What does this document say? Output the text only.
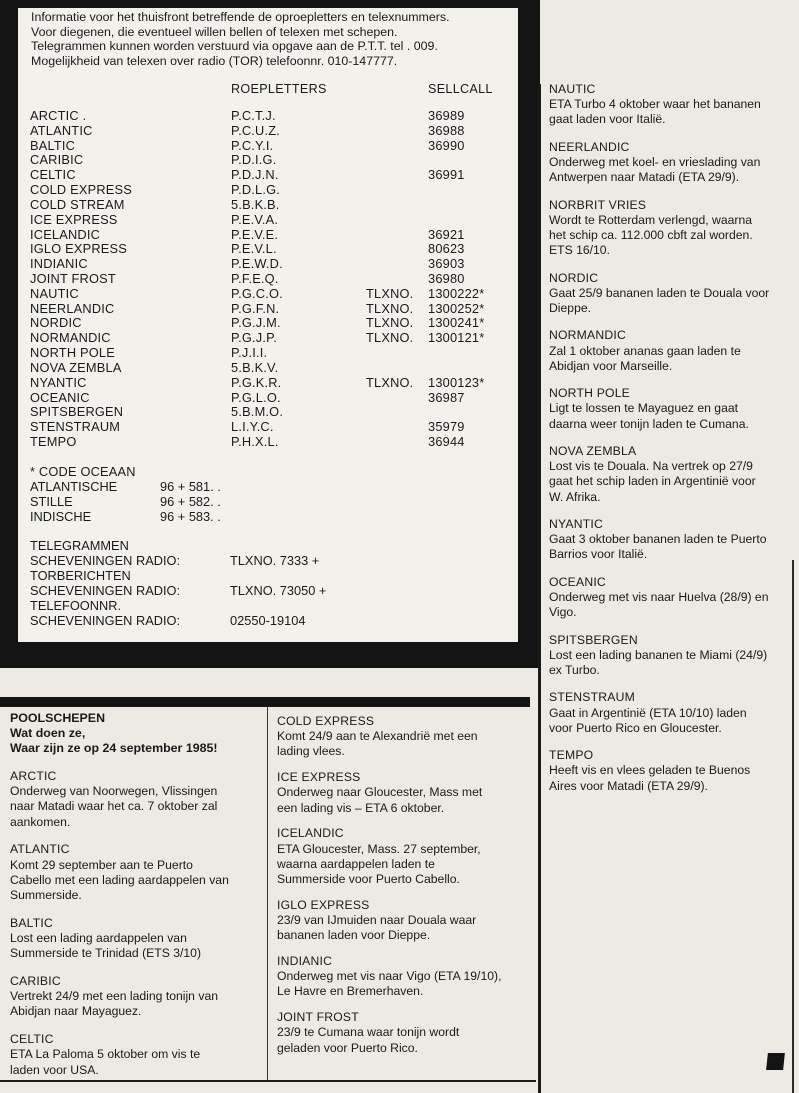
Informatie voor het thuisfront betreffende de oproepletters en telexnummers.
Voor diegenen, die eventueel willen bellen of telexen met schepen.
Telegrammen kunnen worden verstuurd via opgave aan de P.T.T. tel . 009.
Mogelijkheid van telexen over radio (TOR) telefoonnr. 010-147777.
ROEPLETTERS	SELLCALL
ARCTIC .	P.C.T.J.	36989
ATLANTIC	P.C.U.Z.	36988
BALTIC	P.C.Y.I.	36990
CARIBIC	P.D.I.G.
CELTIC	P.D.J.N.	36991
COLD EXPRESS	P.D.L.G.
COLD STREAM	5.B.K.B.
ICE EXPRESS	P.E.V.A.
ICELANDIC	P.E.V.E.	36921
IGLO EXPRESS	P.E.V.L.	80623
INDIANIC	P.E.W.D.	36903
JOINT FROST	P.F.E.Q.	36980
NAUTIC	P.G.C.O.	TLXNO. 1300222*
NEERLANDIC	P.G.F.N.	TLXNO. 1300252*
NORDIC	P.G.J.M.	TLXNO. 1300241*
NORMANDIC	P.G.J.P.	TLXNO. 1300121*
NORTH POLE	P.J.I.I.
NOVA ZEMBLA	5.B.K.V.
NYANTIC	P.G.K.R.	TLXNO. 1300123*
OCEANIC	P.G.L.O.	36987
SPITSBERGEN	5.B.M.O.
STENSTRAUM	L.I.Y.C.	35979
TEMPO	P.H.X.L.	36944
* CODE OCEAAN
ATLANTISCHE	96 + 581. .
STILLE	96 + 582. .
INDISCHE	96 + 583. .
TELEGRAMMEN
SCHEVENINGEN RADIO:	TLXNO. 7333 +
TORBERICHTEN
SCHEVENINGEN RADIO:	TLXNO. 73050 +
TELEFOONNR.
SCHEVENINGEN RADIO:	02550-19104
NAUTIC
ETA Turbo 4 oktober waar het bananen
gaat laden voor Italië.
NEERLANDIC
Onderweg met koel- en vrieslading van
Antwerpen naar Matadi (ETA 29/9).
NORBRIT VRIES
Wordt te Rotterdam verlengd, waarna
het schip ca. 112.000 cbft zal worden.
ETS 16/10.
NORDIC
Gaat 25/9 bananen laden te Douala voor
Dieppe.
NORMANDIC
Zal 1 oktober ananas gaan laden te
Abidjan voor Marseille.
NORTH POLE
Ligt te lossen te Mayaguez en gaat
daarna weer tonijn laden te Cumana.
NOVA ZEMBLA
Lost vis te Douala. Na vertrek op 27/9
gaat het schip laden in Argentinië voor
W. Afrika.
NYANTIC
Gaat 3 oktober bananen laden te Puerto
Barrios voor Italië.
OCEANIC
Onderweg met vis naar Huelva (28/9) en
Vigo.
SPITSBERGEN
Lost een lading bananen te Miami (24/9)
ex Turbo.
STENSTRAUM
Gaat in Argentinië (ETA 10/10) laden
voor Puerto Rico en Gloucester.
TEMPO
Heeft vis en vlees geladen te Buenos
Aires voor Matadi (ETA 29/9).
POOLSCHEPEN
Wat doen ze,
Waar zijn ze op 24 september 1985!
ARCTIC
Onderweg van Noorwegen, Vlissingen
naar Matadi waar het ca. 7 oktober zal
aankomen.
ATLANTIC
Komt 29 september aan te Puerto
Cabello met een lading aardappelen van
Summerside.
BALTIC
Lost een lading aardappelen van
Summerside te Trinidad (ETS 3/10)
CARIBIC
Vertrekt 24/9 met een lading tonijn van
Abidjan naar Mayaguez.
CELTIC
ETA La Paloma 5 oktober om vis te
laden voor USA.
COLD EXPRESS
Komt 24/9 aan te Alexandrië met een
lading vlees.
ICE EXPRESS
Onderweg naar Gloucester, Mass met
een lading vis – ETA 6 oktober.
ICELANDIC
ETA Gloucester, Mass. 27 september,
waarna aardappelen laden te
Summerside voor Puerto Cabello.
IGLO EXPRESS
23/9 van IJmuiden naar Douala waar
bananen laden voor Dieppe.
INDIANIC
Onderweg met vis naar Vigo (ETA 19/10),
Le Havre en Bremerhaven.
JOINT FROST
23/9 te Cumana waar tonijn wordt
geladen voor Puerto Rico.
